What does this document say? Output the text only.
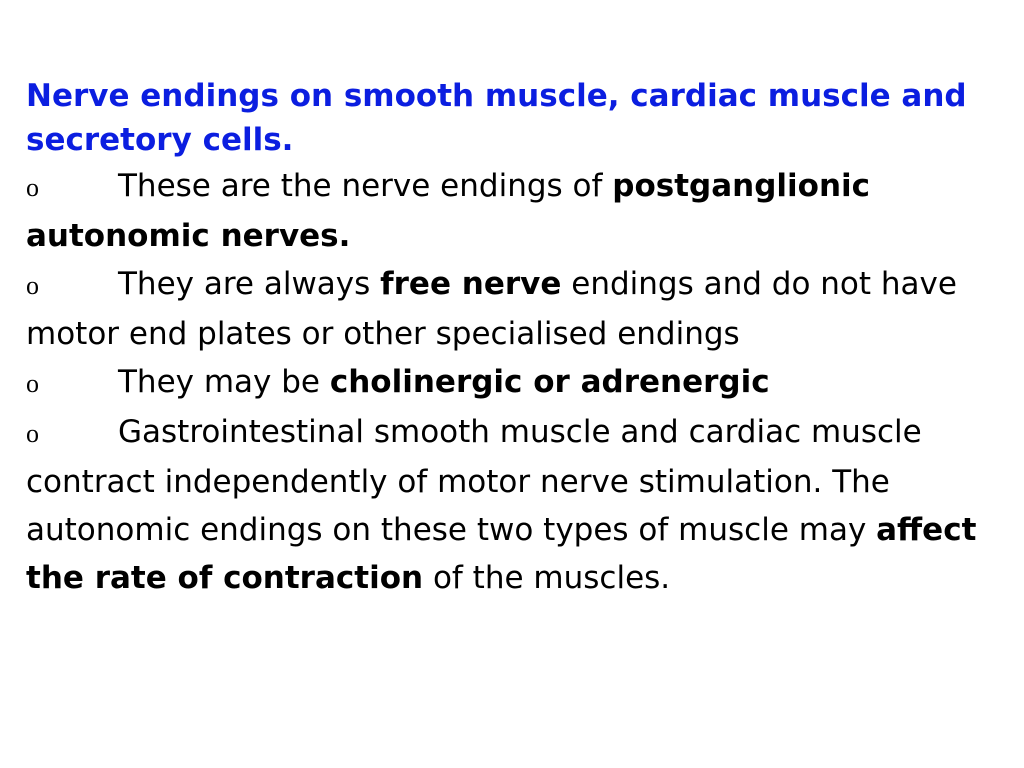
Nerve endings on smooth muscle, cardiac muscle and secretory cells.

o	These are the nerve endings of postganglionic autonomic nerves.

o	They are always free nerve endings and do not have motor end plates or other specialised endings

o	They may be cholinergic or adrenergic

o	Gastrointestinal smooth muscle and cardiac muscle contract independently of motor nerve stimulation. The autonomic endings on these two types of muscle may affect the rate of contraction of the muscles.
